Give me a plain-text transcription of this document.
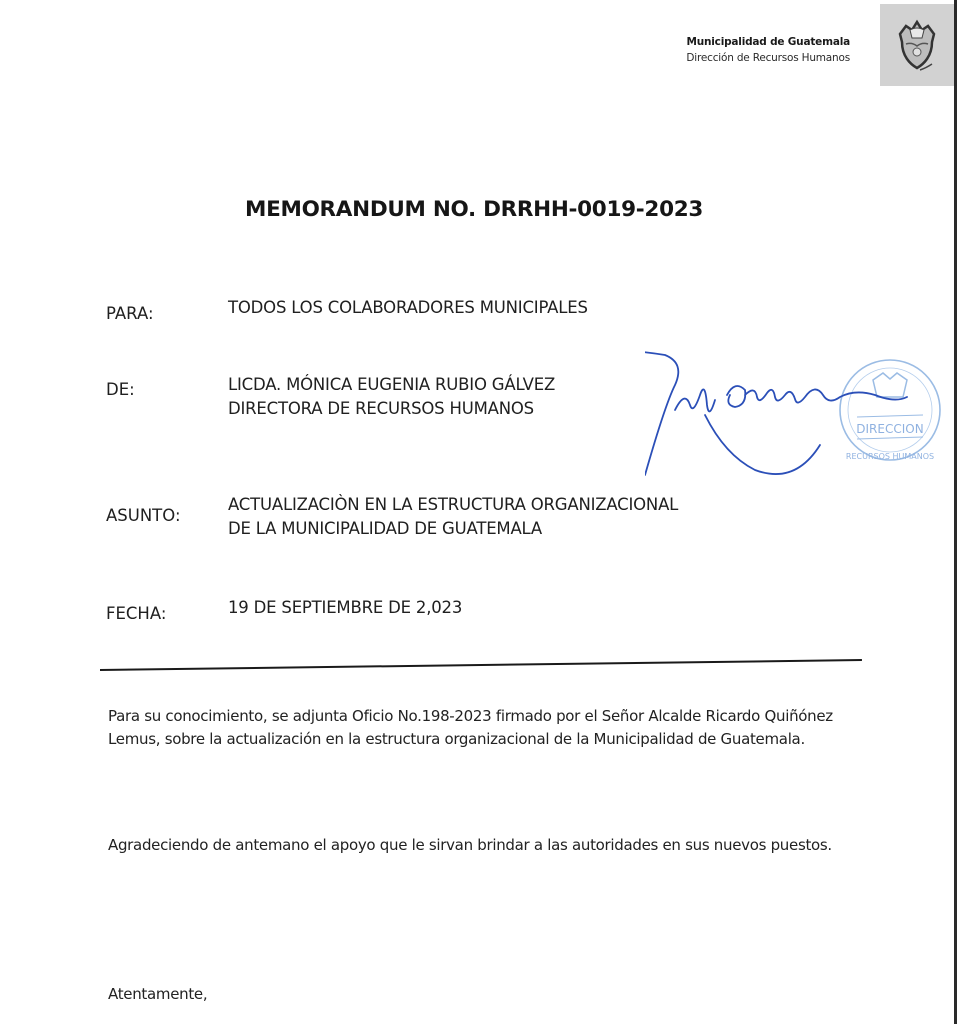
Municipalidad de Guatemala
Dirección de Recursos Humanos
MEMORANDUM NO. DRRHH-0019-2023
PARA:	TODOS LOS COLABORADORES MUNICIPALES
DE:	LICDA. MÓNICA EUGENIA RUBIO GÁLVEZ
DIRECTORA DE RECURSOS HUMANOS
ASUNTO:
ACTUALIZACIÒN EN LA ESTRUCTURA ORGANIZACIONAL
DE LA MUNICIPALIDAD DE GUATEMALA
FECHA:	19 DE SEPTIEMBRE DE 2,023
DIRECCION
RECURSOS HUMANOS
Para su conocimiento, se adjunta Oficio No.198-2023 firmado por el Señor Alcalde Ricardo Quiñónez Lemus, sobre la actualización en la estructura organizacional de la Municipalidad de Guatemala.
Agradeciendo de antemano el apoyo que le sirvan brindar a las autoridades en sus nuevos puestos.
Atentamente,
